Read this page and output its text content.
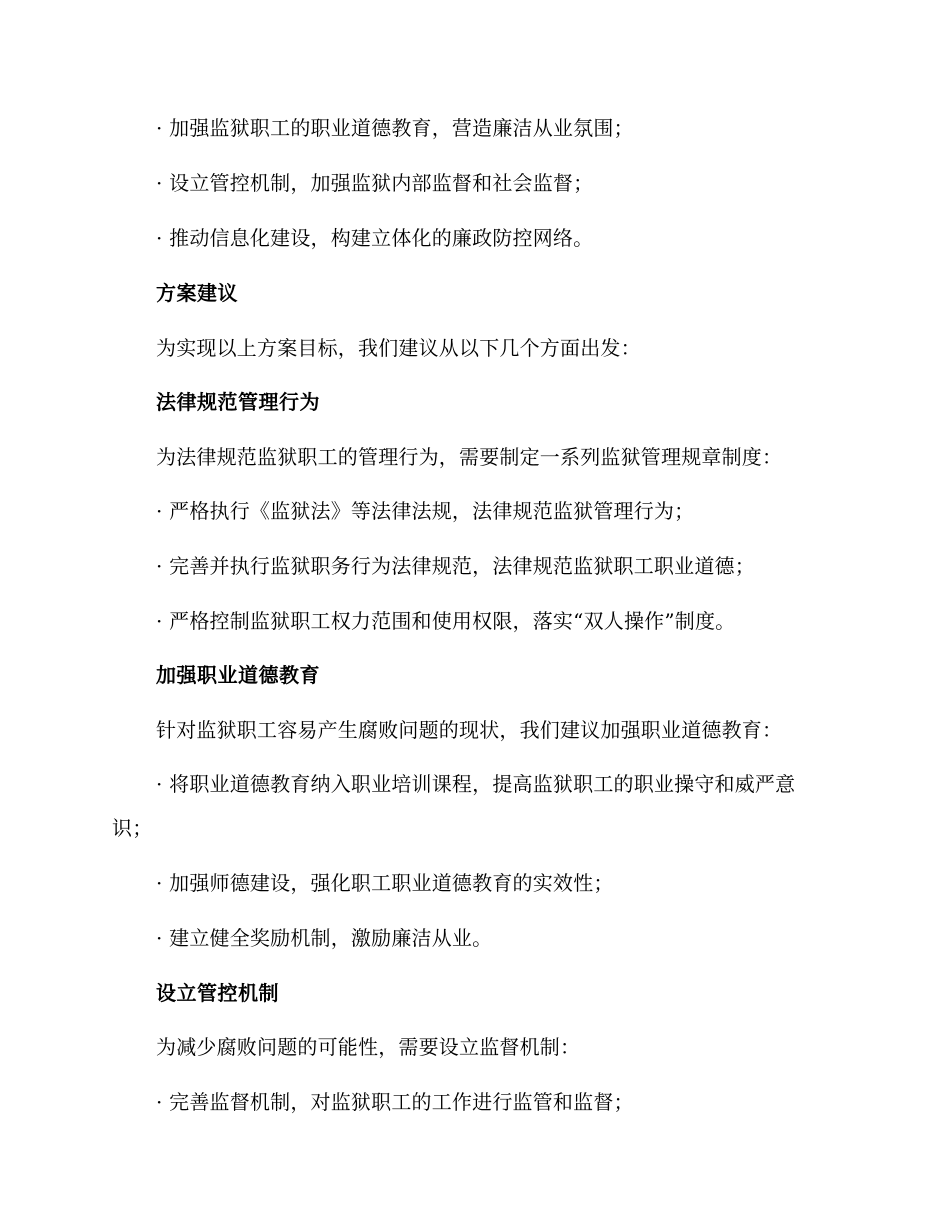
· 加强监狱职工的职业道德教育，营造廉洁从业氛围；
· 设立管控机制，加强监狱内部监督和社会监督；
· 推动信息化建设，构建立体化的廉政防控网络。
方案建议
为实现以上方案目标，我们建议从以下几个方面出发：
法律规范管理行为
为法律规范监狱职工的管理行为，需要制定一系列监狱管理规章制度：
· 严格执行《监狱法》等法律法规，法律规范监狱管理行为；
· 完善并执行监狱职务行为法律规范，法律规范监狱职工职业道德；
· 严格控制监狱职工权力范围和使用权限，落实“双人操作”制度。
加强职业道德教育
针对监狱职工容易产生腐败问题的现状，我们建议加强职业道德教育：
· 将职业道德教育纳入职业培训课程，提高监狱职工的职业操守和威严意识；
· 加强师德建设，强化职工职业道德教育的实效性；
· 建立健全奖励机制，激励廉洁从业。
设立管控机制
为减少腐败问题的可能性，需要设立监督机制：
· 完善监督机制，对监狱职工的工作进行监管和监督；
